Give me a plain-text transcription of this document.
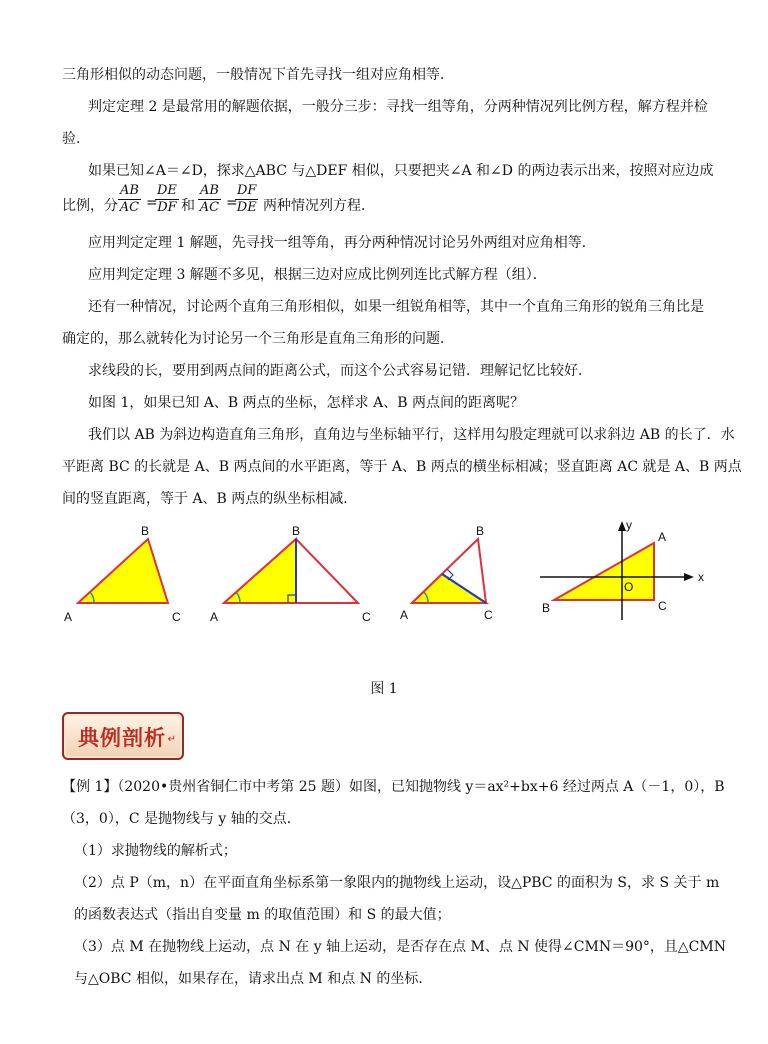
三角形相似的动态问题，一般情况下首先寻找一组对应角相等．
判定定理 2 是最常用的解题依据，一般分三步：寻找一组等角，分两种情况列比例方程，解方程并检
验．
如果已知∠A＝∠D，探求△ABC 与△DEF 相似，只要把夹∠A 和∠D 的两边表示出来，按照对应边成
比例，分 $\frac{AB}{AC}$ =
$\frac{DE}{DF}$ 和 $\frac{AB}{AC}$ =
$\frac{DF}{DE}$ 两种情况列方程．
应用判定定理 1 解题，先寻找一组等角，再分两种情况讨论另外两组对应角相等．
应用判定定理 3 解题不多见，根据三边对应成比例列连比式解方程（组）．
还有一种情况，讨论两个直角三角形相似，如果一组锐角相等，其中一个直角三角形的锐角三角比是
确定的，那么就转化为讨论另一个三角形是直角三角形的问题．
求线段的长，要用到两点间的距离公式，而这个公式容易记错．理解记忆比较好．
如图 1，如果已知 A、B 两点的坐标，怎样求 A、B 两点间的距离呢？
我们以 AB 为斜边构造直角三角形，直角边与坐标轴平行，这样用勾股定理就可以求斜边 AB 的长了．水
平距离 BC 的长就是 A、B 两点间的水平距离，等于 A、B 两点的横坐标相减；竖直距离 AC 就是 A、B 两点
间的竖直距离，等于 A、B 两点的纵坐标相减．
A
B
C A
B
C A
B
C
x
y
O
A
B	C
图 1
典例剖析 ↵
【例 1】（2020•贵州省铜仁市中考第 25 题）如图，已知抛物线 y＝ax²+bx+6 经过两点 A（－1，0），B
（3，0），C 是抛物线与 y 轴的交点．
（1）求抛物线的解析式；
（2）点 P（m，n）在平面直角坐标系第一象限内的抛物线上运动，设△PBC 的面积为 S，求 S 关于 m
的函数表达式（指出自变量 m 的取值范围）和 S 的最大值；
（3）点 M 在抛物线上运动，点 N 在 y 轴上运动，是否存在点 M、点 N 使得∠CMN＝90°，且△CMN
与△OBC 相似，如果存在，请求出点 M 和点 N 的坐标．
